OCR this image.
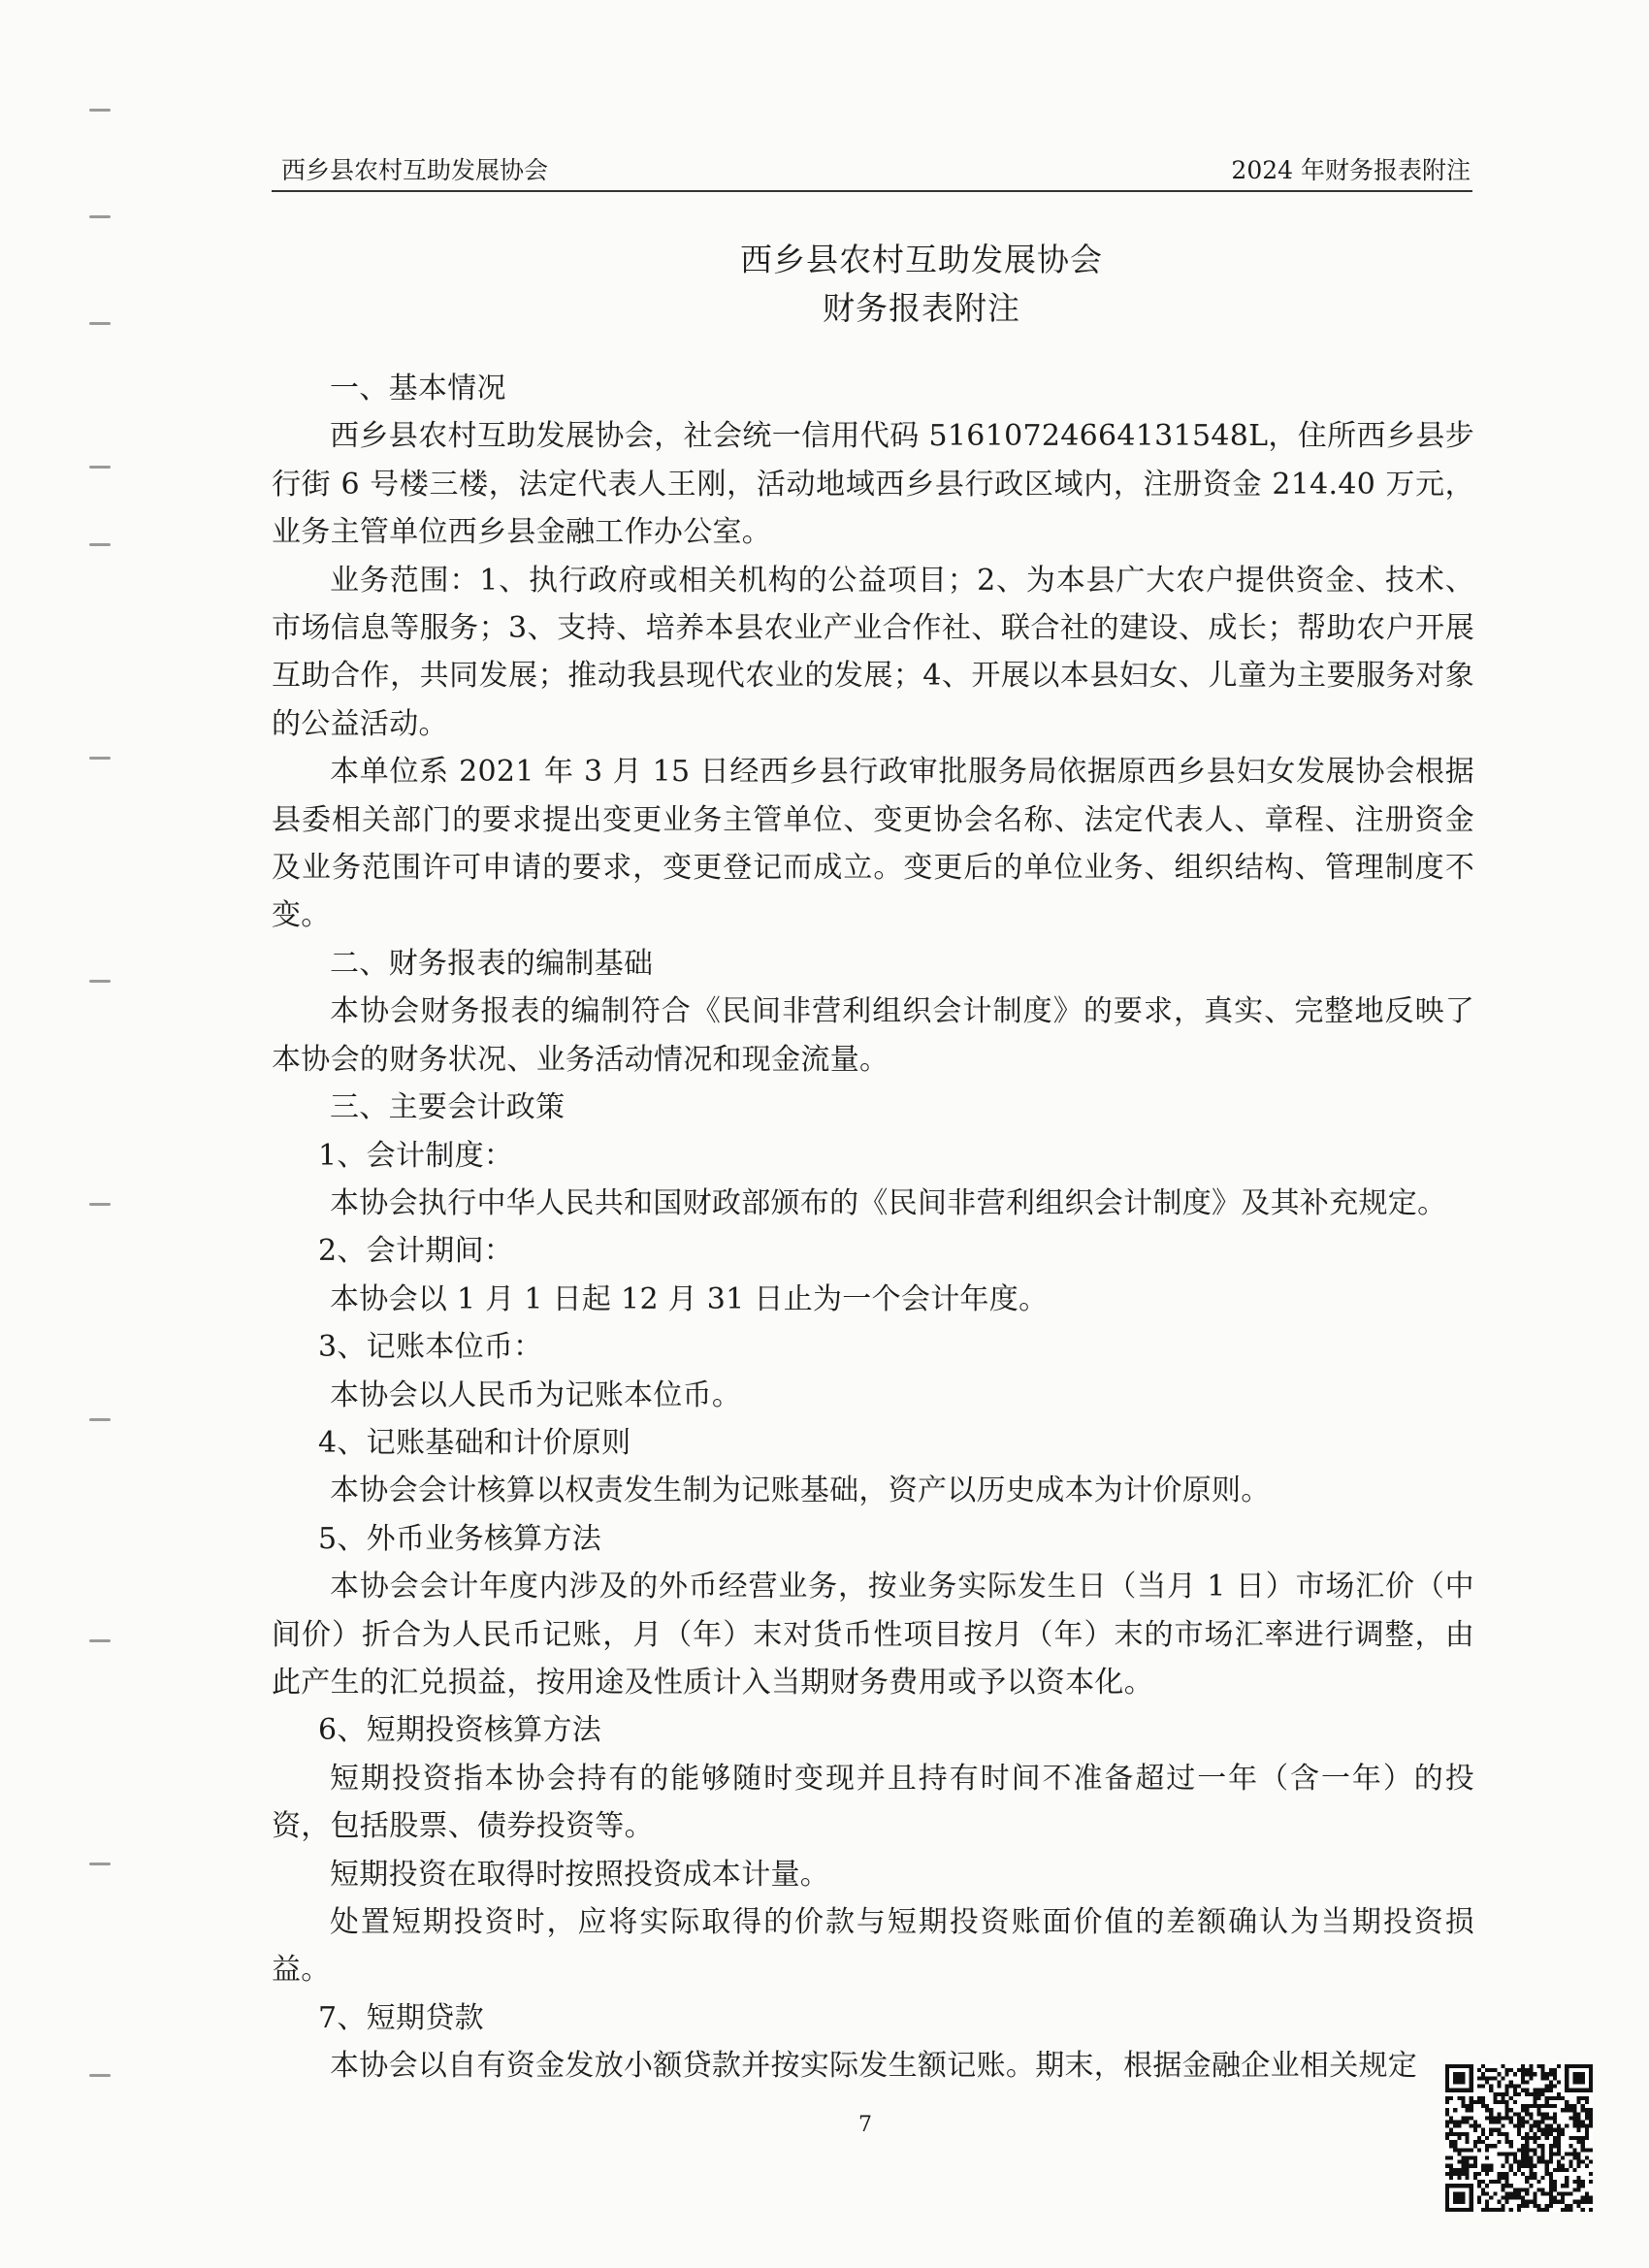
西乡县农村互助发展协会	2024 年财务报表附注
西乡县农村互助发展协会
财务报表附注

一、基本情况

西乡县农村互助发展协会，社会统一信用代码 51610724664131548L，住所西乡县步行街 6 号楼三楼，法定代表人王刚，活动地域西乡县行政区域内，注册资金 214.40 万元，业务主管单位西乡县金融工作办公室。

业务范围：1、执行政府或相关机构的公益项目；2、为本县广大农户提供资金、技术、市场信息等服务；3、支持、培养本县农业产业合作社、联合社的建设、成长；帮助农户开展互助合作，共同发展；推动我县现代农业的发展；4、开展以本县妇女、儿童为主要服务对象的公益活动。

本单位系 2021 年 3 月 15 日经西乡县行政审批服务局依据原西乡县妇女发展协会根据县委相关部门的要求提出变更业务主管单位、变更协会名称、法定代表人、章程、注册资金及业务范围许可申请的要求，变更登记而成立。变更后的单位业务、组织结构、管理制度不变。

二、财务报表的编制基础

本协会财务报表的编制符合《民间非营利组织会计制度》的要求，真实、完整地反映了本协会的财务状况、业务活动情况和现金流量。

三、主要会计政策

1、会计制度：

本协会执行中华人民共和国财政部颁布的《民间非营利组织会计制度》及其补充规定。

2、会计期间：

本协会以 1 月 1 日起 12 月 31 日止为一个会计年度。

3、记账本位币：

本协会以人民币为记账本位币。

4、记账基础和计价原则

本协会会计核算以权责发生制为记账基础，资产以历史成本为计价原则。

5、外币业务核算方法

本协会会计年度内涉及的外币经营业务，按业务实际发生日（当月 1 日）市场汇价（中间价）折合为人民币记账，月（年）末对货币性项目按月（年）末的市场汇率进行调整，由此产生的汇兑损益，按用途及性质计入当期财务费用或予以资本化。

6、短期投资核算方法

短期投资指本协会持有的能够随时变现并且持有时间不准备超过一年（含一年）的投资，包括股票、债券投资等。

短期投资在取得时按照投资成本计量。

处置短期投资时，应将实际取得的价款与短期投资账面价值的差额确认为当期投资损益。

7、短期贷款

本协会以自有资金发放小额贷款并按实际发生额记账。期末，根据金融企业相关规定

7
